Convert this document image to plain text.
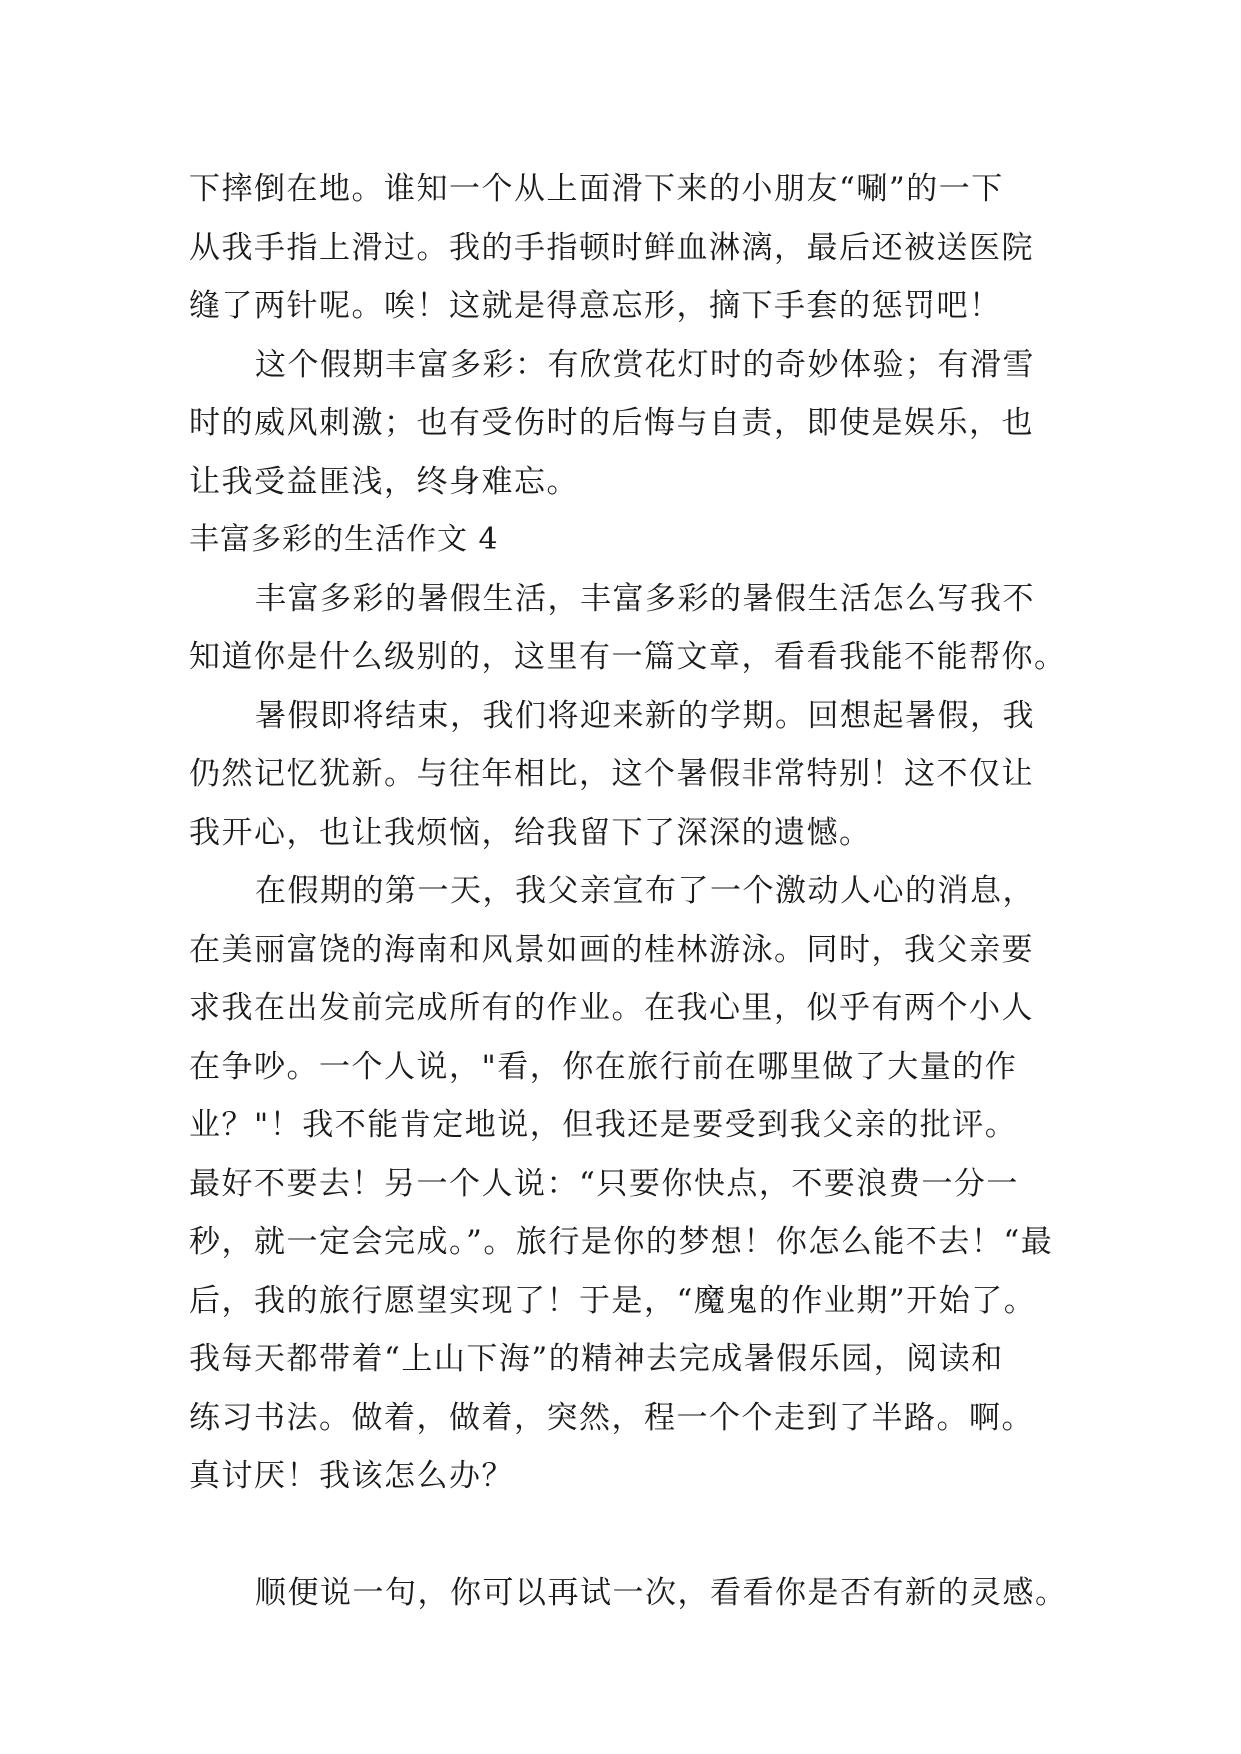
下摔倒在地。谁知一个从上面滑下来的小朋友“唰”的一下
从我手指上滑过。我的手指顿时鲜血淋漓，最后还被送医院
缝了两针呢。唉！这就是得意忘形，摘下手套的惩罚吧！
这个假期丰富多彩：有欣赏花灯时的奇妙体验；有滑雪
时的威风刺激；也有受伤时的后悔与自责，即使是娱乐，也
让我受益匪浅，终身难忘。
丰富多彩的生活作文 4
丰富多彩的暑假生活，丰富多彩的暑假生活怎么写我不
知道你是什么级别的，这里有一篇文章，看看我能不能帮你。
暑假即将结束，我们将迎来新的学期。回想起暑假，我
仍然记忆犹新。与往年相比，这个暑假非常特别！这不仅让
我开心，也让我烦恼，给我留下了深深的遗憾。
在假期的第一天，我父亲宣布了一个激动人心的消息，
在美丽富饶的海南和风景如画的桂林游泳。同时，我父亲要
求我在出发前完成所有的作业。在我心里，似乎有两个小人
在争吵。一个人说，"看，你在旅行前在哪里做了大量的作
业？"！我不能肯定地说，但我还是要受到我父亲的批评。
最好不要去！另一个人说：“只要你快点，不要浪费一分一
秒，就一定会完成。”。旅行是你的梦想！你怎么能不去！“最
后，我的旅行愿望实现了！于是，“魔鬼的作业期”开始了。
我每天都带着“上山下海”的精神去完成暑假乐园，阅读和
练习书法。做着，做着，突然，程一个个走到了半路。啊。
真讨厌！我该怎么办？
顺便说一句，你可以再试一次，看看你是否有新的灵感。
